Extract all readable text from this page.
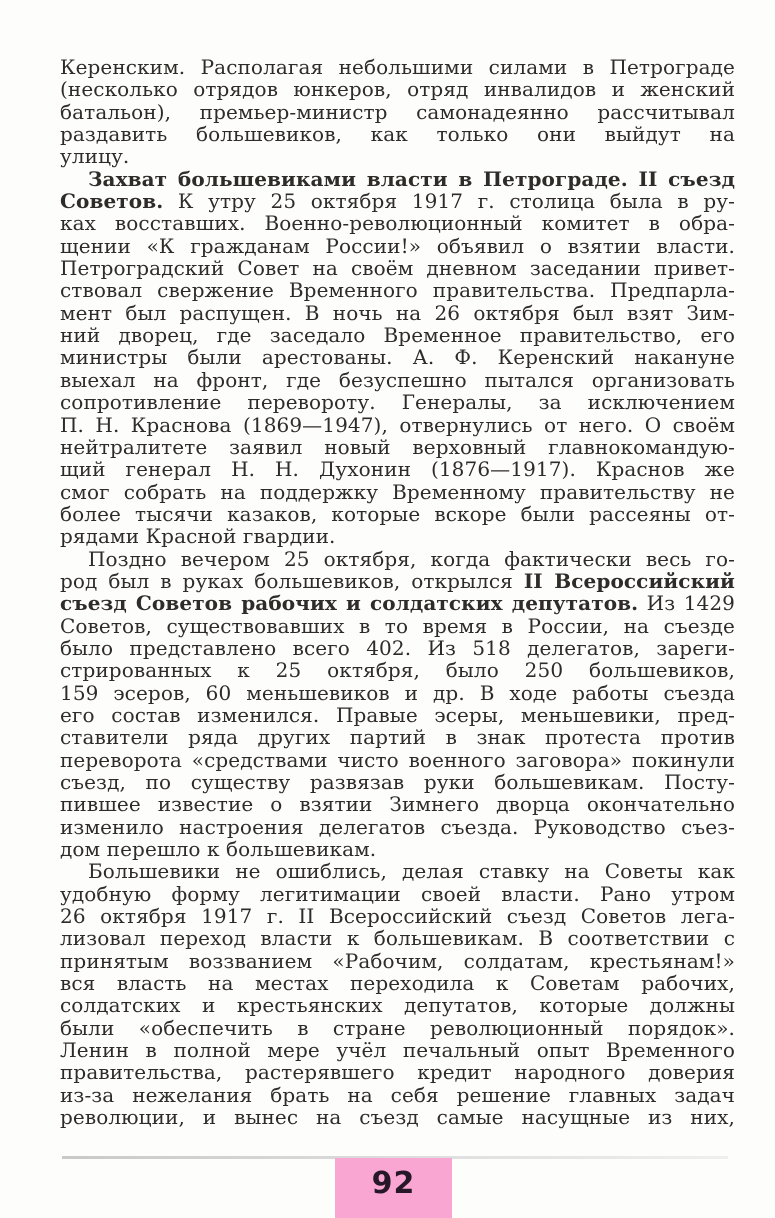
Керенским. Располагая небольшими силами в Петрограде
(несколько отрядов юнкеров, отряд инвалидов и женский
батальон), премьер-министр самонадеянно рассчитывал
раздавить большевиков, как только они выйдут на
улицу.
Захват большевиками власти в Петрограде. II съезд
Советов. К утру 25 октября 1917 г. столица была в ру-
ках восставших. Военно-революционный комитет в обра-
щении «К гражданам России!» объявил о взятии власти.
Петроградский Совет на своём дневном заседании привет-
ствовал свержение Временного правительства. Предпарла-
мент был распущен. В ночь на 26 октября был взят Зим-
ний дворец, где заседало Временное правительство, его
министры были арестованы. А. Ф. Керенский накануне
выехал на фронт, где безуспешно пытался организовать
сопротивление перевороту. Генералы, за исключением
П. Н. Краснова (1869—1947), отвернулись от него. О своём
нейтралитете заявил новый верховный главнокомандую-
щий генерал Н. Н. Духонин (1876—1917). Краснов же
смог собрать на поддержку Временному правительству не
более тысячи казаков, которые вскоре были рассеяны от-
рядами Красной гвардии.
Поздно вечером 25 октября, когда фактически весь го-
род был в руках большевиков, открылся II Всероссийский
съезд Советов рабочих и солдатских депутатов. Из 1429
Советов, существовавших в то время в России, на съезде
было представлено всего 402. Из 518 делегатов, зареги-
стрированных к 25 октября, было 250 большевиков,
159 эсеров, 60 меньшевиков и др. В ходе работы съезда
его состав изменился. Правые эсеры, меньшевики, пред-
ставители ряда других партий в знак протеста против
переворота «средствами чисто военного заговора» покинули
съезд, по существу развязав руки большевикам. Посту-
пившее известие о взятии Зимнего дворца окончательно
изменило настроения делегатов съезда. Руководство съез-
дом перешло к большевикам.
Большевики не ошиблись, делая ставку на Советы как
удобную форму легитимации своей власти. Рано утром
26 октября 1917 г. II Всероссийский съезд Советов лега-
лизовал переход власти к большевикам. В соответствии с
принятым воззванием «Рабочим, солдатам, крестьянам!»
вся власть на местах переходила к Советам рабочих,
солдатских и крестьянских депутатов, которые должны
были «обеспечить в стране революционный порядок».
Ленин в полной мере учёл печальный опыт Временного
правительства, растерявшего кредит народного доверия
из-за нежелания брать на себя решение главных задач
революции, и вынес на съезд самые насущные из них,
92
